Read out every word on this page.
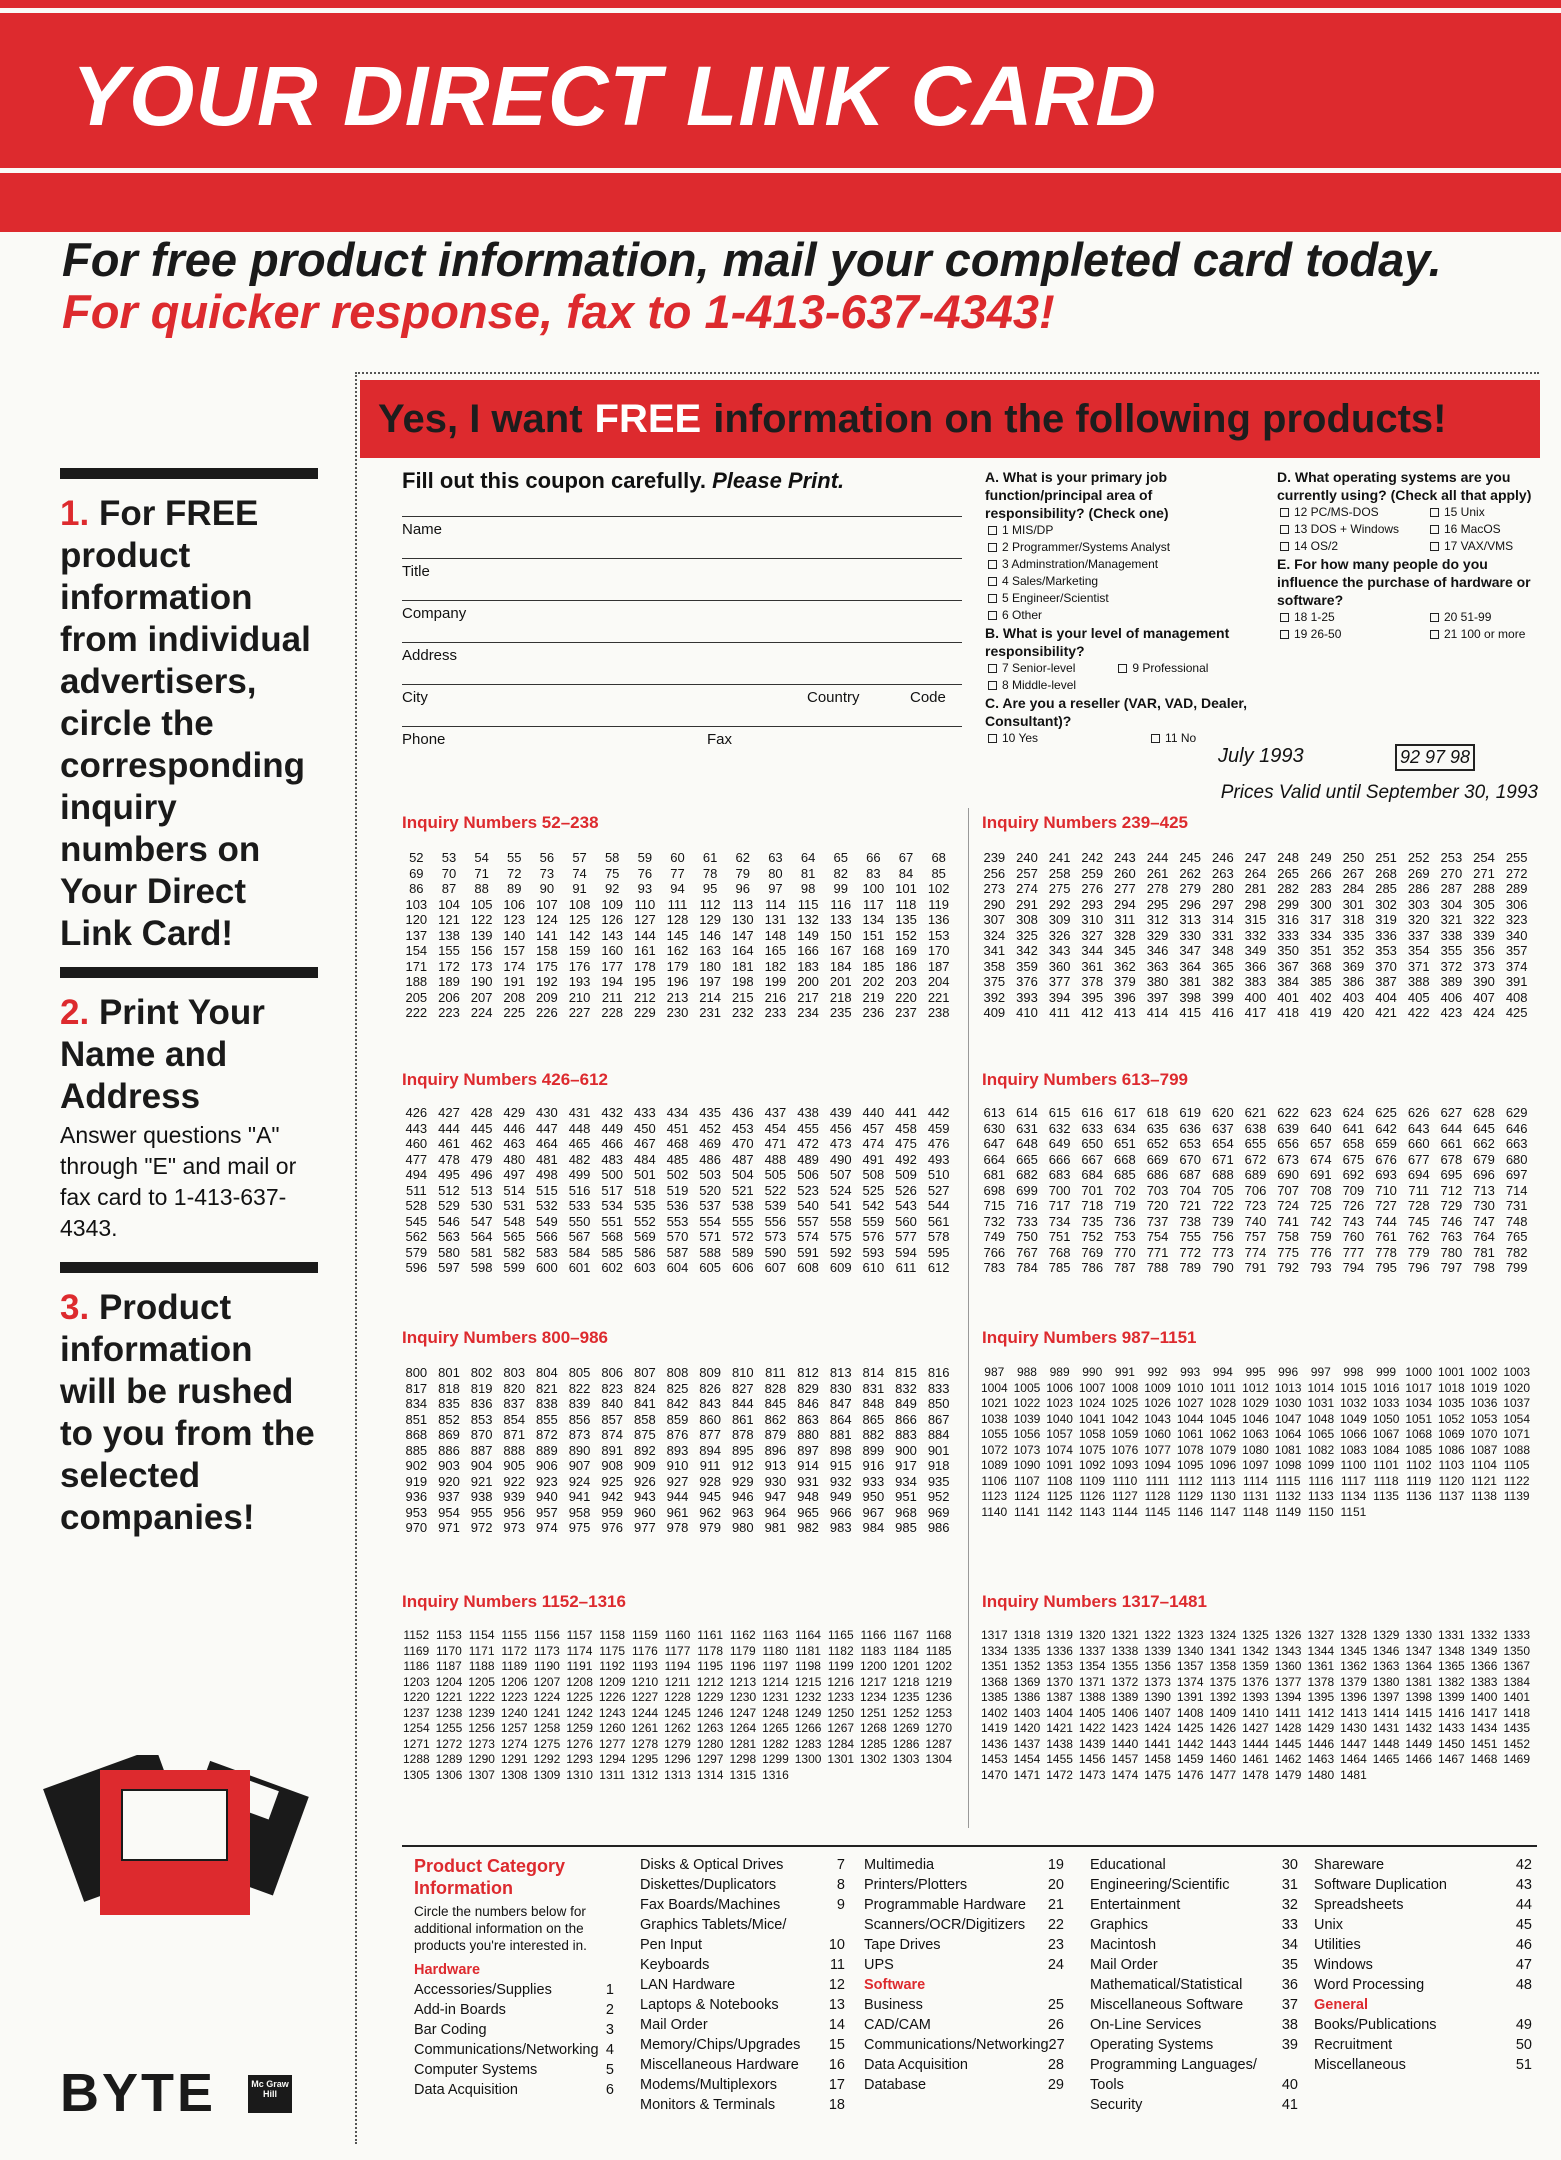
YOUR DIRECT LINK CARD
For free product information, mail your completed card today. For quicker response, fax to 1-413-637-4343!
Yes, I want FREE information on the following products!
1. For FREE product information from individual advertisers, circle the corresponding inquiry numbers on Your Direct Link Card!
2. Print Your Name and Address
Answer questions "A" through "E" and mail or fax card to 1-413-637-4343.
3. Product information will be rushed to you from the selected companies!
Fill out this coupon carefully. Please Print.
Name
Title
Company
Address
City	Country	Code
Phone	Fax
A. What is your primary job function/principal area of responsibility? (Check one)
1 MIS/DP
2 Programmer/Systems Analyst
3 Adminstration/Management
4 Sales/Marketing
5 Engineer/Scientist
6 Other
B. What is your level of management responsibility?
7 Senior-level	9 Professional
8 Middle-level
C. Are you a reseller (VAR, VAD, Dealer, Consultant)?
10 Yes	11 No
D. What operating systems are you currently using? (Check all that apply)
12 PC/MS-DOS	15 Unix
13 DOS + Windows	16 MacOS
14 OS/2	17 VAX/VMS
E. For how many people do you influence the purchase of hardware or software?
18 1-25	20 51-99
19 26-50	21 100 or more
July 1993	92 97 98
Prices Valid until September 30, 1993
Inquiry Numbers 52–238
52	53	54	55	56	57	58	59	60	61	62	63	64	65	66	67	68
69	70	71	72	73	74	75	76	77	78	79	80	81	82	83	84	85
86	87	88	89	90	91	92	93	94	95	96	97	98	99	100 101 102
103 104 105 106 107 108 109 110 111 112 113 114 115 116 117 118 119
120 121 122 123 124 125 126 127 128 129 130 131 132 133 134 135 136
137 138 139 140 141 142 143 144 145 146 147 148 149 150 151 152 153
154 155 156 157 158 159 160 161 162 163 164 165 166 167 168 169 170
171 172 173 174 175 176 177 178 179 180 181 182 183 184 185 186 187
188 189 190 191 192 193 194 195 196 197 198 199 200 201 202 203 204
205 206 207 208 209 210 211 212 213 214 215 216 217 218 219 220 221
222 223 224 225 226 227 228 229 230 231 232 233 234 235 236 237 238
Inquiry Numbers 239–425
239 240 241 242 243 244 245 246 247 248 249 250 251 252 253 254 255
256 257 258 259 260 261 262 263 264 265 266 267 268 269 270 271 272
273 274 275 276 277 278 279 280 281 282 283 284 285 286 287 288 289
290 291 292 293 294 295 296 297 298 299 300 301 302 303 304 305 306
307 308 309 310 311 312 313 314 315 316 317 318 319 320 321 322 323
324 325 326 327 328 329 330 331 332 333 334 335 336 337 338 339 340
341 342 343 344 345 346 347 348 349 350 351 352 353 354 355 356 357
358 359 360 361 362 363 364 365 366 367 368 369 370 371 372 373 374
375 376 377 378 379 380 381 382 383 384 385 386 387 388 389 390 391
392 393 394 395 396 397 398 399 400 401 402 403 404 405 406 407 408
409 410 411 412 413 414 415 416 417 418 419 420 421 422 423 424 425
Inquiry Numbers 426–612
426 427 428 429 430 431 432 433 434 435 436 437 438 439 440 441 442
443 444 445 446 447 448 449 450 451 452 453 454 455 456 457 458 459
460 461 462 463 464 465 466 467 468 469 470 471 472 473 474 475 476
477 478 479 480 481 482 483 484 485 486 487 488 489 490 491 492 493
494 495 496 497 498 499 500 501 502 503 504 505 506 507 508 509 510
511 512 513 514 515 516 517 518 519 520 521 522 523 524 525 526 527
528 529 530 531 532 533 534 535 536 537 538 539 540 541 542 543 544
545 546 547 548 549 550 551 552 553 554 555 556 557 558 559 560 561
562 563 564 565 566 567 568 569 570 571 572 573 574 575 576 577 578
579 580 581 582 583 584 585 586 587 588 589 590 591 592 593 594 595
596 597 598 599 600 601 602 603 604 605 606 607 608 609 610 611 612
Inquiry Numbers 613–799
613 614 615 616 617 618 619 620 621 622 623 624 625 626 627 628 629
630 631 632 633 634 635 636 637 638 639 640 641 642 643 644 645 646
647 648 649 650 651 652 653 654 655 656 657 658 659 660 661 662 663
664 665 666 667 668 669 670 671 672 673 674 675 676 677 678 679 680
681 682 683 684 685 686 687 688 689 690 691 692 693 694 695 696 697
698 699 700 701 702 703 704 705 706 707 708 709 710 711 712 713 714
715 716 717 718 719 720 721 722 723 724 725 726 727 728 729 730 731
732 733 734 735 736 737 738 739 740 741 742 743 744 745 746 747 748
749 750 751 752 753 754 755 756 757 758 759 760 761 762 763 764 765
766 767 768 769 770 771 772 773 774 775 776 777 778 779 780 781 782
783 784 785 786 787 788 789 790 791 792 793 794 795 796 797 798 799
Inquiry Numbers 800–986
800 801 802 803 804 805 806 807 808 809 810 811 812 813 814 815 816
817 818 819 820 821 822 823 824 825 826 827 828 829 830 831 832 833
834 835 836 837 838 839 840 841 842 843 844 845 846 847 848 849 850
851 852 853 854 855 856 857 858 859 860 861 862 863 864 865 866 867
868 869 870 871 872 873 874 875 876 877 878 879 880 881 882 883 884
885 886 887 888 889 890 891 892 893 894 895 896 897 898 899 900 901
902 903 904 905 906 907 908 909 910 911 912 913 914 915 916 917 918
919 920 921 922 923 924 925 926 927 928 929 930 931 932 933 934 935
936 937 938 939 940 941 942 943 944 945 946 947 948 949 950 951 952
953 954 955 956 957 958 959 960 961 962 963 964 965 966 967 968 969
970 971 972 973 974 975 976 977 978 979 980 981 982 983 984 985 986
Inquiry Numbers 987–1151
987	988	989	990	991	992	993	994	995	996	997	998	999 1000 1001 1002 1003
1004 1005 1006 1007 1008 1009 1010 1011 1012 1013 1014 1015 1016 1017 1018 1019 1020
1021 1022 1023 1024 1025 1026 1027 1028 1029 1030 1031 1032 1033 1034 1035 1036 1037
1038 1039 1040 1041 1042 1043 1044 1045 1046 1047 1048 1049 1050 1051 1052 1053 1054
1055 1056 1057 1058 1059 1060 1061 1062 1063 1064 1065 1066 1067 1068 1069 1070 1071
1072 1073 1074 1075 1076 1077 1078 1079 1080 1081 1082 1083 1084 1085 1086 1087 1088
1089 1090 1091 1092 1093 1094 1095 1096 1097 1098 1099 1100 1101 1102 1103 1104 1105
1106 1107 1108 1109 1110 1111 1112 1113 1114 1115 1116 1117 1118 1119 1120 1121 1122
1123 1124 1125 1126 1127 1128 1129 1130 1131 1132 1133 1134 1135 1136 1137 1138 1139
1140 1141 1142 1143 1144 1145 1146 1147 1148 1149 1150 1151
Inquiry Numbers 1152–1316
1152 1153 1154 1155 1156 1157 1158 1159 1160 1161 1162 1163 1164 1165 1166 1167 1168
1169 1170 1171 1172 1173 1174 1175 1176 1177 1178 1179 1180 1181 1182 1183 1184 1185
1186 1187 1188 1189 1190 1191 1192 1193 1194 1195 1196 1197 1198 1199 1200 1201 1202
1203 1204 1205 1206 1207 1208 1209 1210 1211 1212 1213 1214 1215 1216 1217 1218 1219
1220 1221 1222 1223 1224 1225 1226 1227 1228 1229 1230 1231 1232 1233 1234 1235 1236
1237 1238 1239 1240 1241 1242 1243 1244 1245 1246 1247 1248 1249 1250 1251 1252 1253
1254 1255 1256 1257 1258 1259 1260 1261 1262 1263 1264 1265 1266 1267 1268 1269 1270
1271 1272 1273 1274 1275 1276 1277 1278 1279 1280 1281 1282 1283 1284 1285 1286 1287
1288 1289 1290 1291 1292 1293 1294 1295 1296 1297 1298 1299 1300 1301 1302 1303 1304
1305 1306 1307 1308 1309 1310 1311 1312 1313 1314 1315 1316
Inquiry Numbers 1317–1481
1317 1318 1319 1320 1321 1322 1323 1324 1325 1326 1327 1328 1329 1330 1331 1332 1333
1334 1335 1336 1337 1338 1339 1340 1341 1342 1343 1344 1345 1346 1347 1348 1349 1350
1351 1352 1353 1354 1355 1356 1357 1358 1359 1360 1361 1362 1363 1364 1365 1366 1367
1368 1369 1370 1371 1372 1373 1374 1375 1376 1377 1378 1379 1380 1381 1382 1383 1384
1385 1386 1387 1388 1389 1390 1391 1392 1393 1394 1395 1396 1397 1398 1399 1400 1401
1402 1403 1404 1405 1406 1407 1408 1409 1410 1411 1412 1413 1414 1415 1416 1417 1418
1419 1420 1421 1422 1423 1424 1425 1426 1427 1428 1429 1430 1431 1432 1433 1434 1435
1436 1437 1438 1439 1440 1441 1442 1443 1444 1445 1446 1447 1448 1449 1450 1451 1452
1453 1454 1455 1456 1457 1458 1459 1460 1461 1462 1463 1464 1465 1466 1467 1468 1469
1470 1471 1472 1473 1474 1475 1476 1477 1478 1479 1480 1481
Product Category Information
Circle the numbers below for additional information on the products you're interested in.
Hardware
Accessories/Supplies	1
Add-in Boards	2
Bar Coding	3
Communications/Networking 4
Computer Systems	5
Data Acquisition	6
Disks & Optical Drives	7
Diskettes/Duplicators	8
Fax Boards/Machines	9
Graphics Tablets/Mice/
Pen Input	10
Keyboards	11
LAN Hardware	12
Laptops & Notebooks	13
Mail Order	14
Memory/Chips/Upgrades 15
Miscellaneous Hardware 16
Modems/Multiplexors	17
Monitors & Terminals	18
Multimedia	19
Printers/Plotters	20
Programmable Hardware 21
Scanners/OCR/Digitizers 22
Tape Drives	23
UPS	24
Software
Business	25
CAD/CAM	26
Communications/Networking 27
Data Acquisition	28
Database	29
Educational	30
Engineering/Scientific	31
Entertainment	32
Graphics	33
Macintosh	34
Mail Order	35
Mathematical/Statistical	36
Miscellaneous Software	37
On-Line Services	38
Operating Systems	39
Programming Languages/
Tools	40
Security	41
Shareware	42
Software Duplication	43
Spreadsheets	44
Unix	45
Utilities	46
Windows	47
Word Processing	48
General
Books/Publications	49
Recruitment	50
Miscellaneous	51
BYTE	Mc Graw Hill
